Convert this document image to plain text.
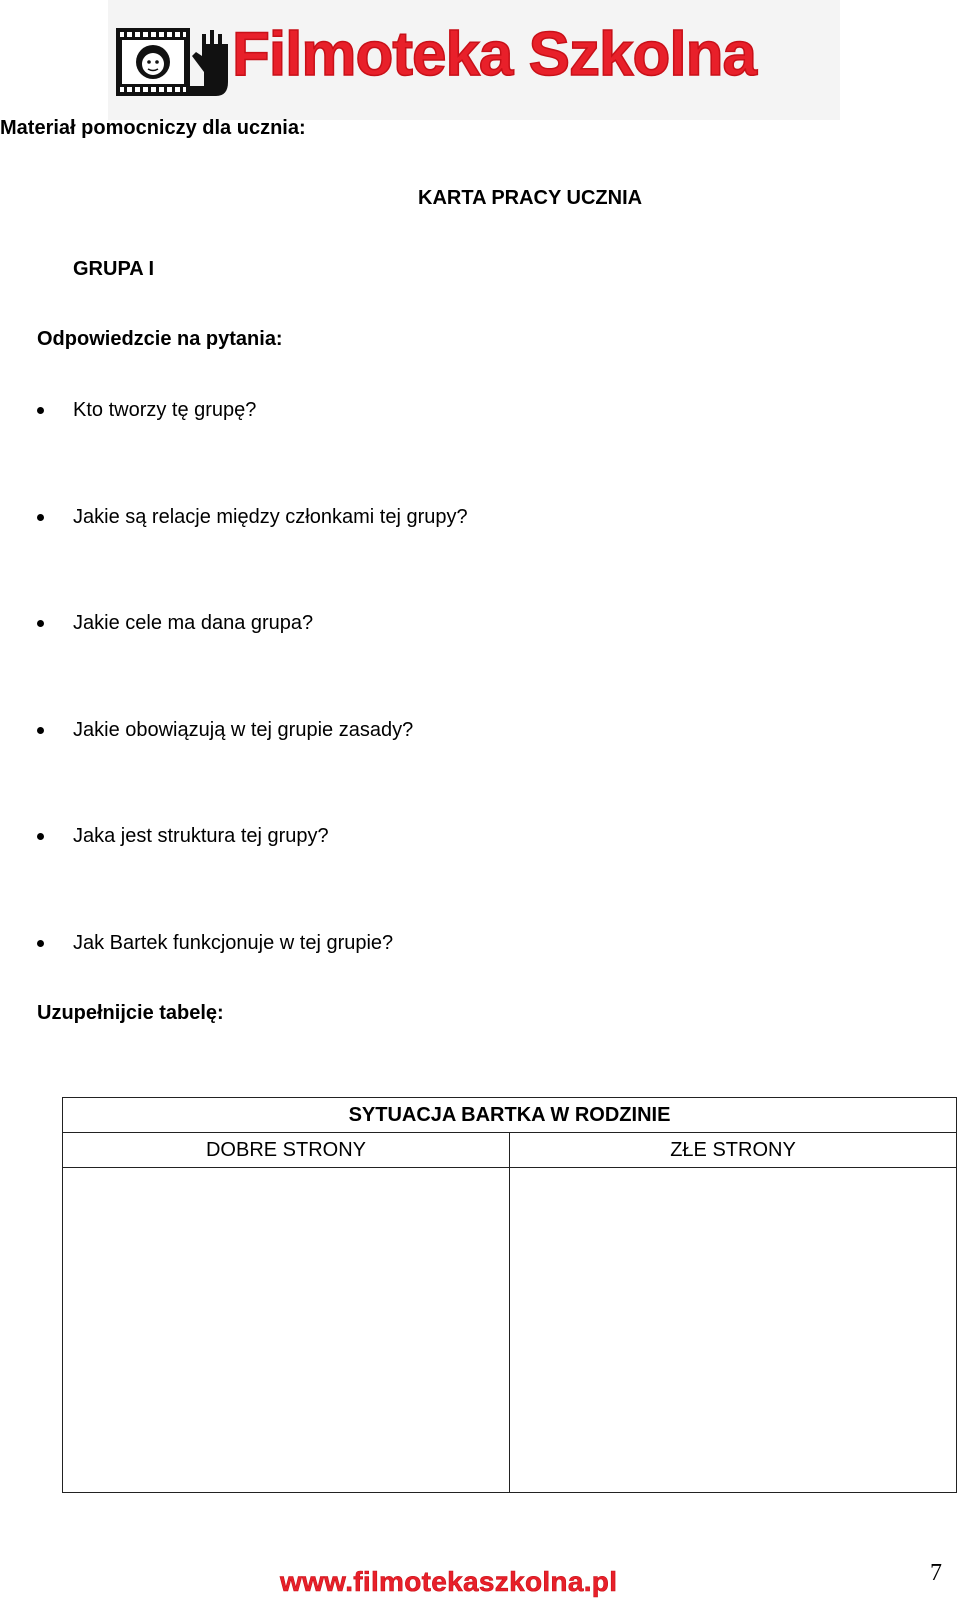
Filmoteka Szkolna
Materiał pomocniczy dla ucznia:
KARTA PRACY UCZNIA
GRUPA I
Odpowiedzcie na pytania:
Kto tworzy tę grupę?
Jakie są relacje między członkami tej grupy?
Jakie cele ma dana grupa?
Jakie obowiązują w tej grupie zasady?
Jaka jest struktura tej grupy?
Jak Bartek funkcjonuje w tej grupie?
Uzupełnijcie tabelę:
SYTUACJA BARTKA W RODZINIE	
DOBRE STRONY	ZŁE STRONY

www.filmotekaszkolna.pl	7
